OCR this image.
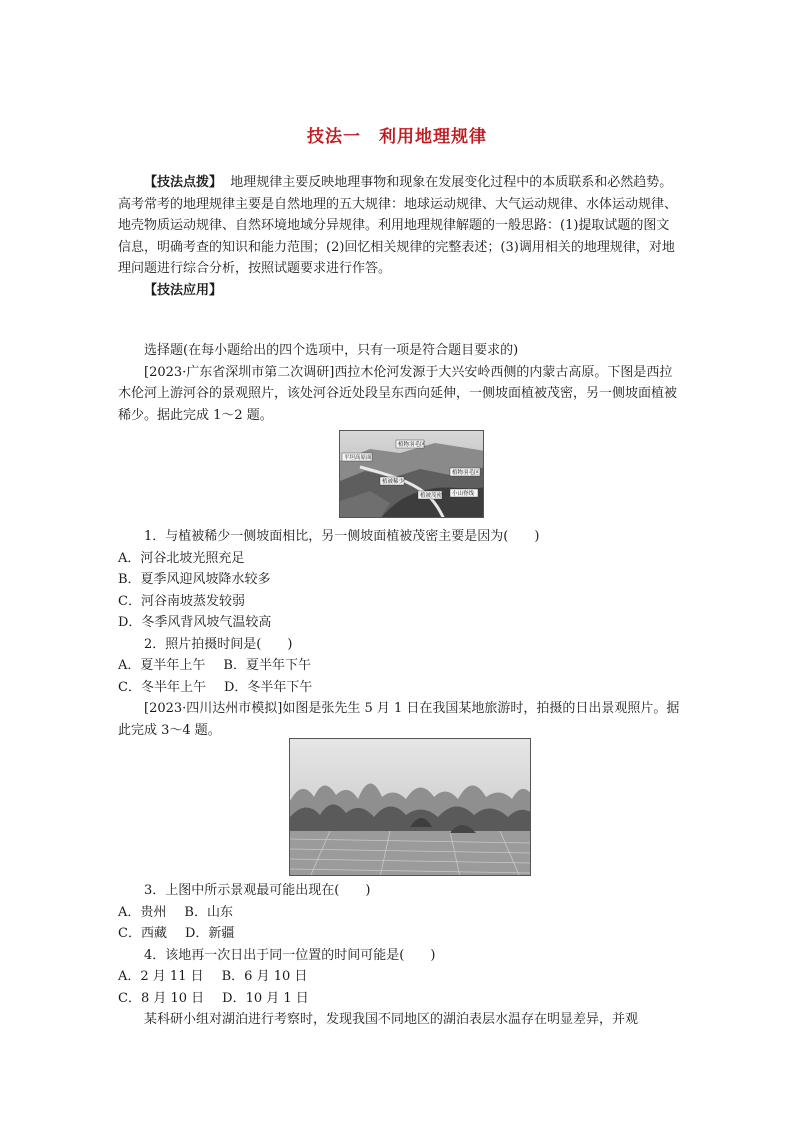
技法一　利用地理规律

【技法点拨】 地理规律主要反映地理事物和现象在发展变化过程中的本质联系和必然趋势。高考常考的地理规律主要是自然地理的五大规律：地球运动规律、大气运动规律、水体运动规律、地壳物质运动规律、自然环境地域分异规律。利用地理规律解题的一般思路：(1)提取试题的图文信息，明确考查的知识和能力范围；(2)回忆相关规律的完整表述；(3)调用相关的地理规律，对地理问题进行综合分析，按照试题要求进行作答。

【技法应用】

选择题(在每小题给出的四个选项中，只有一项是符合题目要求的)

[2023·广东省深圳市第二次调研]西拉木伦河发源于大兴安岭西侧的内蒙古高原。下图是西拉木伦河上游河谷的景观照片，该处河谷近处段呈东西向延伸，一侧坡面植被茂密，另一侧坡面植被稀少。据此完成 1～2 题。

植物羽毛区
平坦高原面
植被稀少
植物羽毛区
植被茂密 小山脊线

1．与植被稀少一侧坡面相比，另一侧坡面植被茂密主要是因为(　　)

A．河谷北坡光照充足

B．夏季风迎风坡降水较多

C．河谷南坡蒸发较弱

D．冬季风背风坡气温较高

2．照片拍摄时间是(　　)

A．夏半年上午 B．夏半年下午

C．冬半年上午 D．冬半年下午

[2023·四川达州市模拟]如图是张先生 5 月 1 日在我国某地旅游时，拍摄的日出景观照片。据此完成 3～4 题。

3．上图中所示景观最可能出现在(　　)

A．贵州 B．山东

C．西藏 D．新疆

4．该地再一次日出于同一位置的时间可能是(　　)

A．2 月 11 日 B．6 月 10 日

C．8 月 10 日 D．10 月 1 日

某科研小组对湖泊进行考察时，发现我国不同地区的湖泊表层水温存在明显差异，并观
